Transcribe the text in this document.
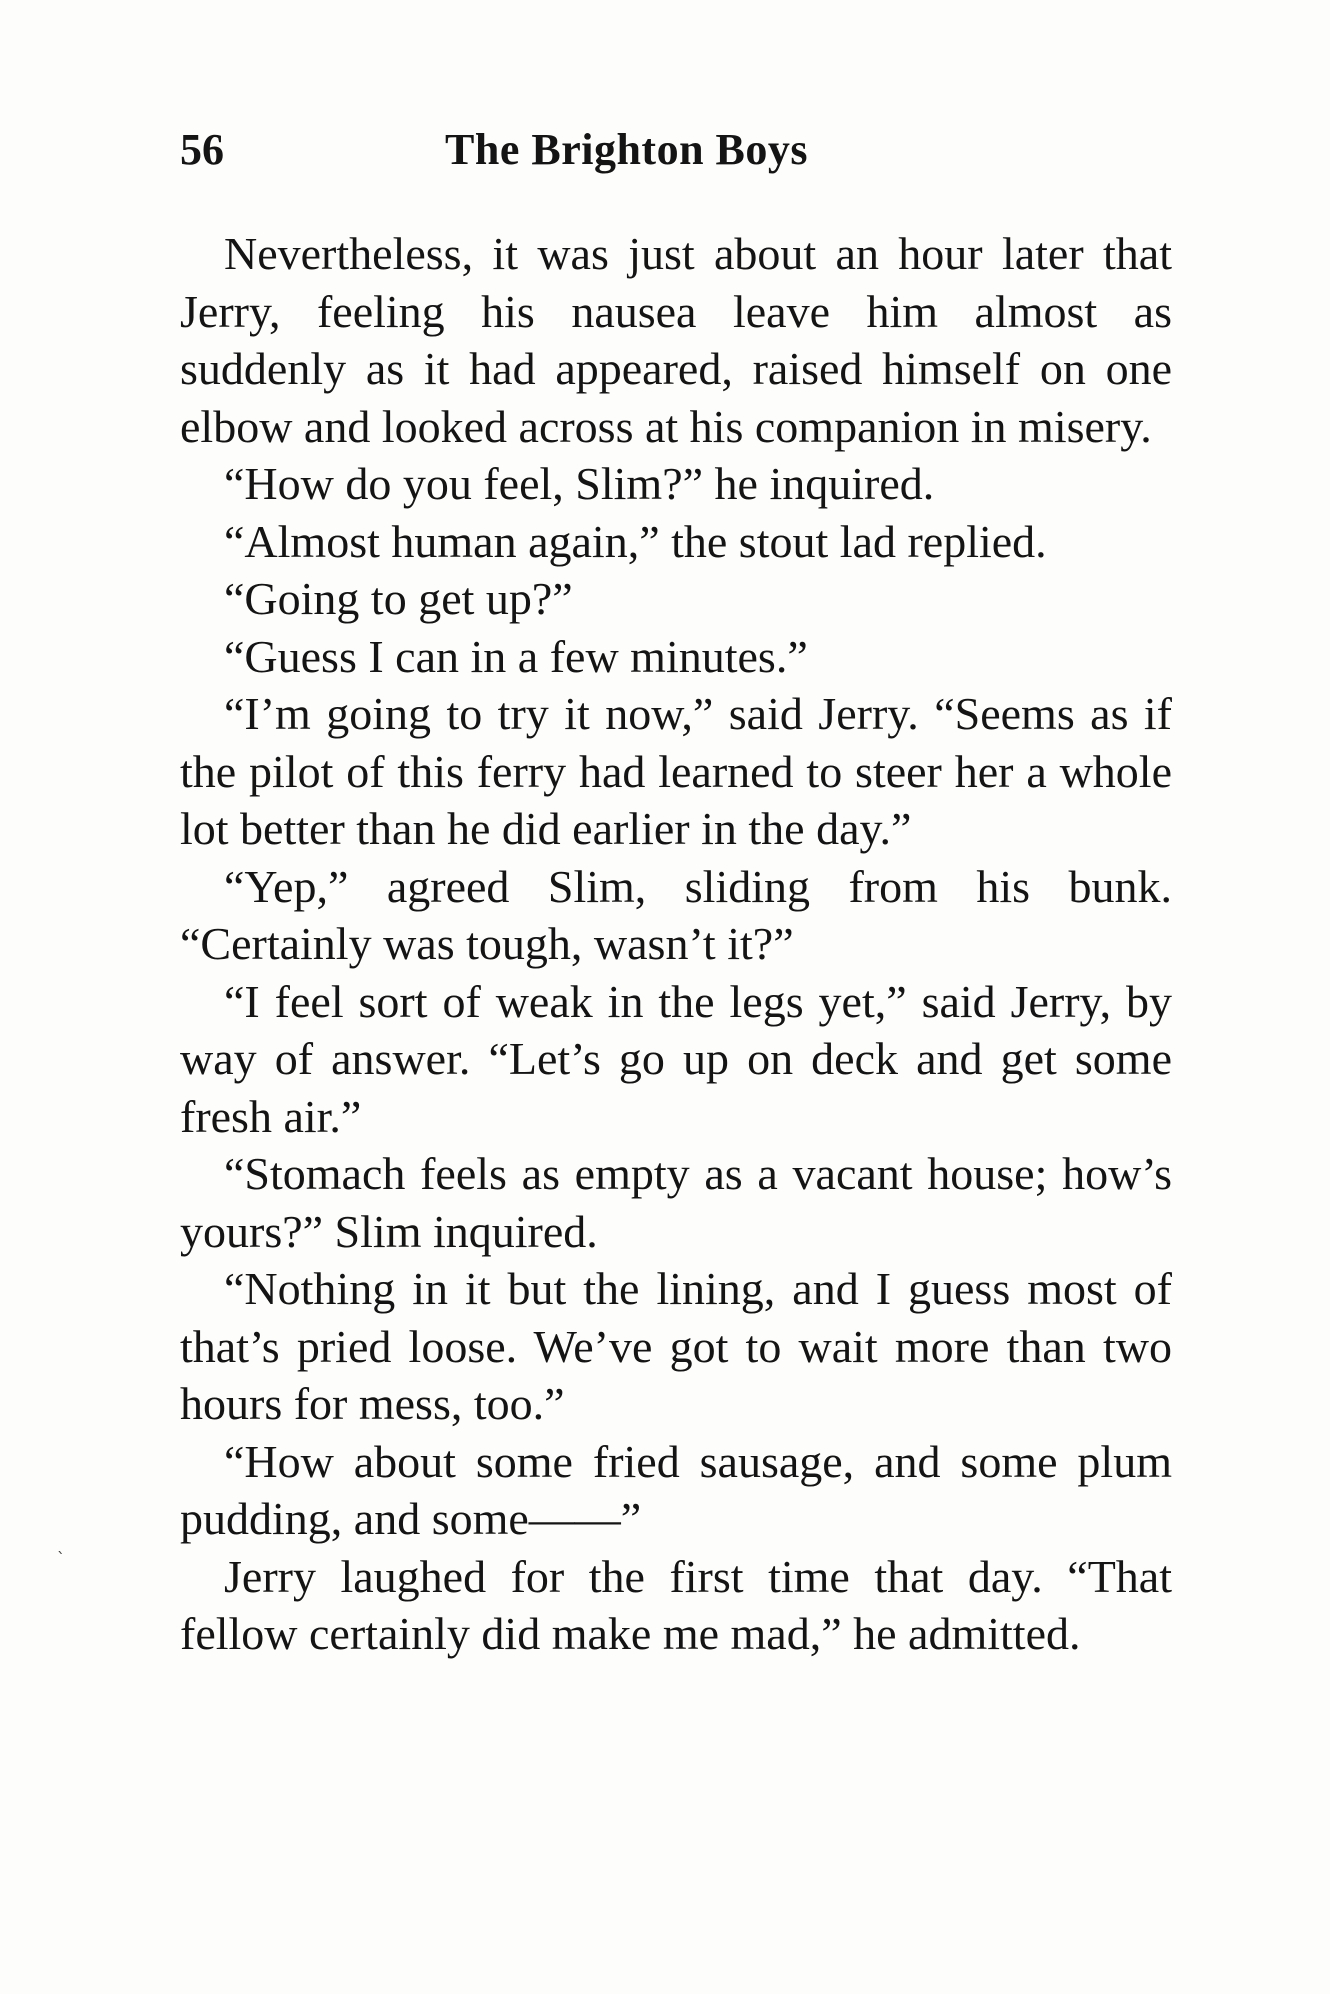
56	The Brighton Boys

Nevertheless, it was just about an hour later that Jerry, feeling his nausea leave him almost as suddenly as it had appeared, raised himself on one elbow and looked across at his companion in misery.

“How do you feel, Slim?” he inquired.

“Almost human again,” the stout lad replied.

“Going to get up?”

“Guess I can in a few minutes.”

“I’m going to try it now,” said Jerry. “Seems as if the pilot of this ferry had learned to steer her a whole lot better than he did earlier in the day.”

“Yep,” agreed Slim, sliding from his bunk. “Certainly was tough, wasn’t it?”

“I feel sort of weak in the legs yet,” said Jerry, by way of answer. “Let’s go up on deck and get some fresh air.”

“Stomach feels as empty as a vacant house; how’s yours?” Slim inquired.

“Nothing in it but the lining, and I guess most of that’s pried loose. We’ve got to wait more than two hours for mess, too.”

“How about some fried sausage, and some plum pudding, and some——”

Jerry laughed for the first time that day. “That fellow certainly did make me mad,” he admitted.

ˎ
